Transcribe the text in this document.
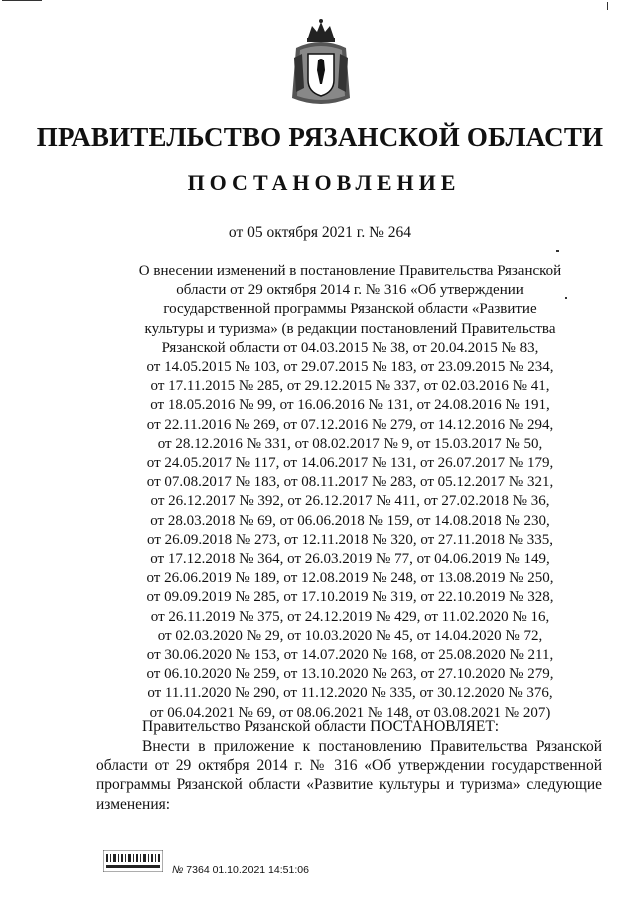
ПРАВИТЕЛЬСТВО РЯЗАНСКОЙ ОБЛАСТИ
ПОСТАНОВЛЕНИЕ
от 05 октября 2021 г. № 264
О внесении изменений в постановление Правительства Рязанской
области от 29 октября 2014 г. № 316 «Об утверждении
государственной программы Рязанской области «Развитие
культуры и туризма» (в редакции постановлений Правительства
Рязанской области от 04.03.2015 № 38, от 20.04.2015 № 83,
от 14.05.2015 № 103, от 29.07.2015 № 183, от 23.09.2015 № 234,
от 17.11.2015 № 285, от 29.12.2015 № 337, от 02.03.2016 № 41,
от 18.05.2016 № 99, от 16.06.2016 № 131, от 24.08.2016 № 191,
от 22.11.2016 № 269, от 07.12.2016 № 279, от 14.12.2016 № 294,
от 28.12.2016 № 331, от 08.02.2017 № 9, от 15.03.2017 № 50,
от 24.05.2017 № 117, от 14.06.2017 № 131, от 26.07.2017 № 179,
от 07.08.2017 № 183, от 08.11.2017 № 283, от 05.12.2017 № 321,
от 26.12.2017 № 392, от 26.12.2017 № 411, от 27.02.2018 № 36,
от 28.03.2018 № 69, от 06.06.2018 № 159, от 14.08.2018 № 230,
от 26.09.2018 № 273, от 12.11.2018 № 320, от 27.11.2018 № 335,
от 17.12.2018 № 364, от 26.03.2019 № 77, от 04.06.2019 № 149,
от 26.06.2019 № 189, от 12.08.2019 № 248, от 13.08.2019 № 250,
от 09.09.2019 № 285, от 17.10.2019 № 319, от 22.10.2019 № 328,
от 26.11.2019 № 375, от 24.12.2019 № 429, от 11.02.2020 № 16,
от 02.03.2020 № 29, от 10.03.2020 № 45, от 14.04.2020 № 72,
от 30.06.2020 № 153, от 14.07.2020 № 168, от 25.08.2020 № 211,
от 06.10.2020 № 259, от 13.10.2020 № 263, от 27.10.2020 № 279,
от 11.11.2020 № 290, от 11.12.2020 № 335, от 30.12.2020 № 376,
от 06.04.2021 № 69, от 08.06.2021 № 148, от 03.08.2021 № 207)
Правительство Рязанской области ПОСТАНОВЛЯЕТ:
Внести в приложение к постановлению Правительства Рязанской области от 29 октября 2014 г. № 316 «Об утверждении государственной программы Рязанской области «Развитие культуры и туризма» следующие изменения:
№ 7364 01.10.2021 14:51:06
